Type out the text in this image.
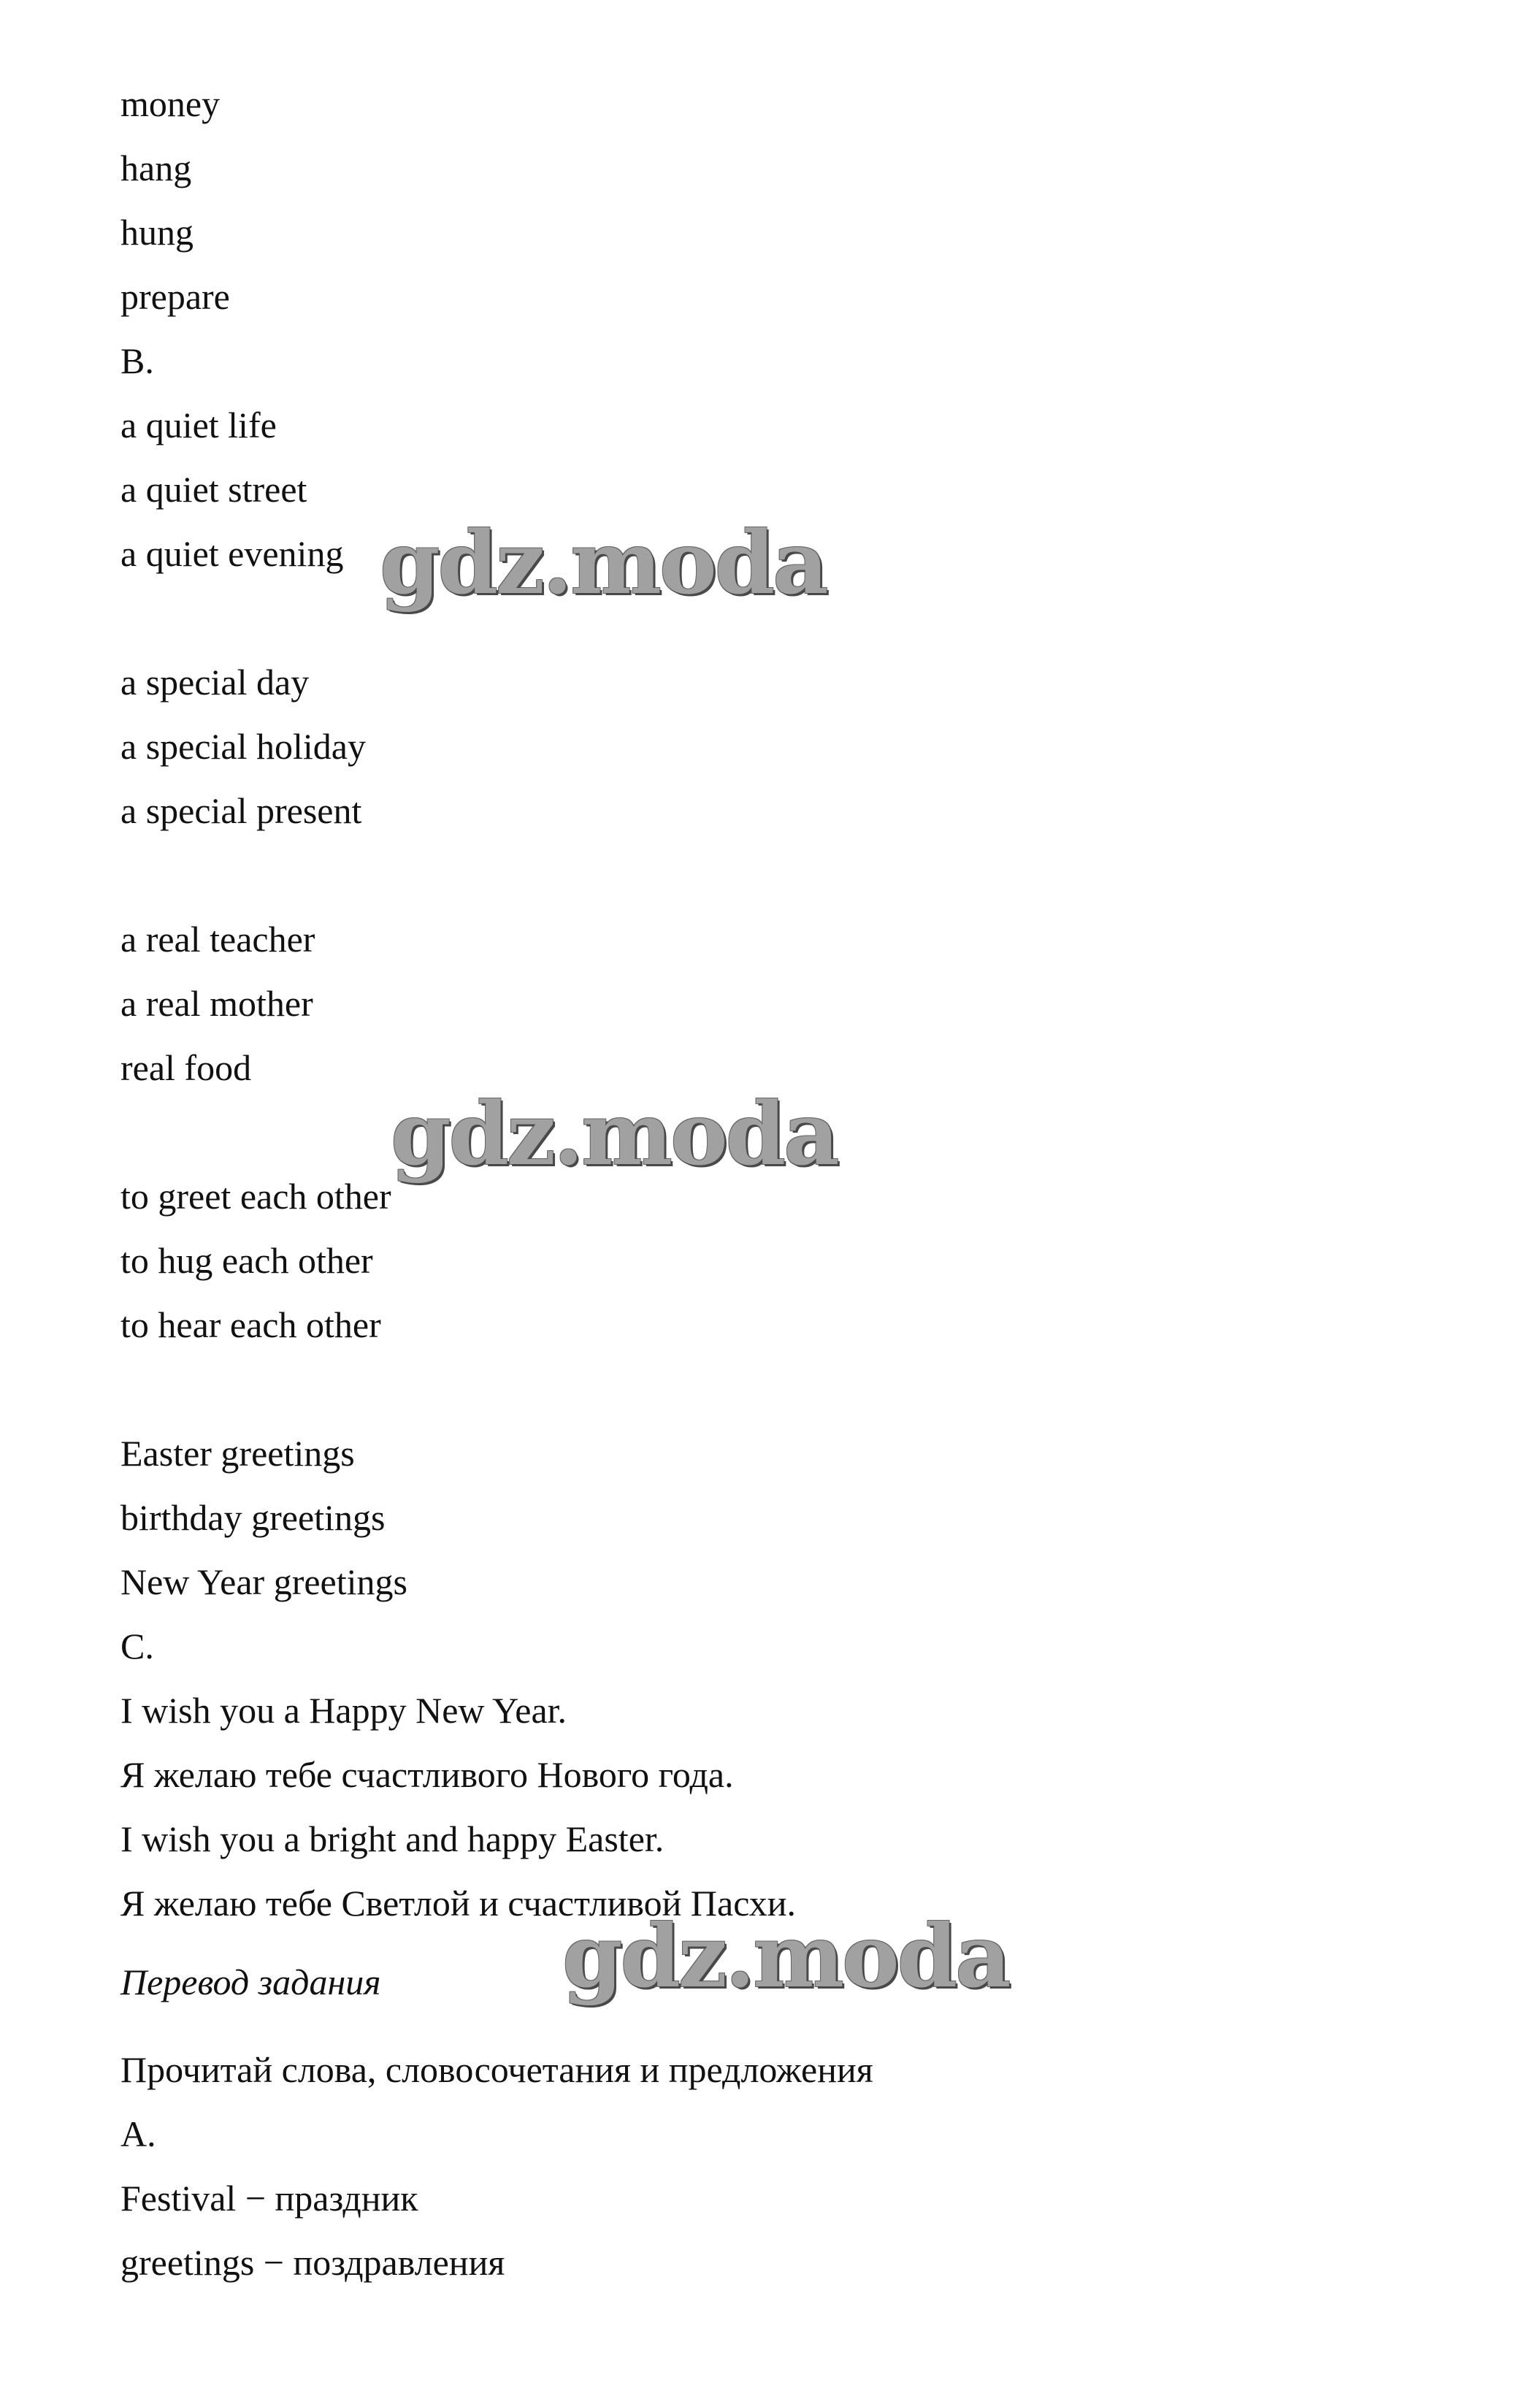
money
hang
hung
prepare
B.
a quiet life
a quiet street
a quiet evening
a special day
a special holiday
a special present
a real teacher
a real mother
real food
to greet each other
to hug each other
to hear each other
Easter greetings
birthday greetings
New Year greetings
C.
I wish you a Happy New Year.
Я желаю тебе счастливого Нового года.
I wish you a bright and happy Easter.
Я желаю тебе Светлой и счастливой Пасхи.
Перевод задания
Прочитай слова, словосочетания и предложения
A.
Festival − праздник
greetings − поздравления
gdz.moda
gdz.moda
gdz.moda
